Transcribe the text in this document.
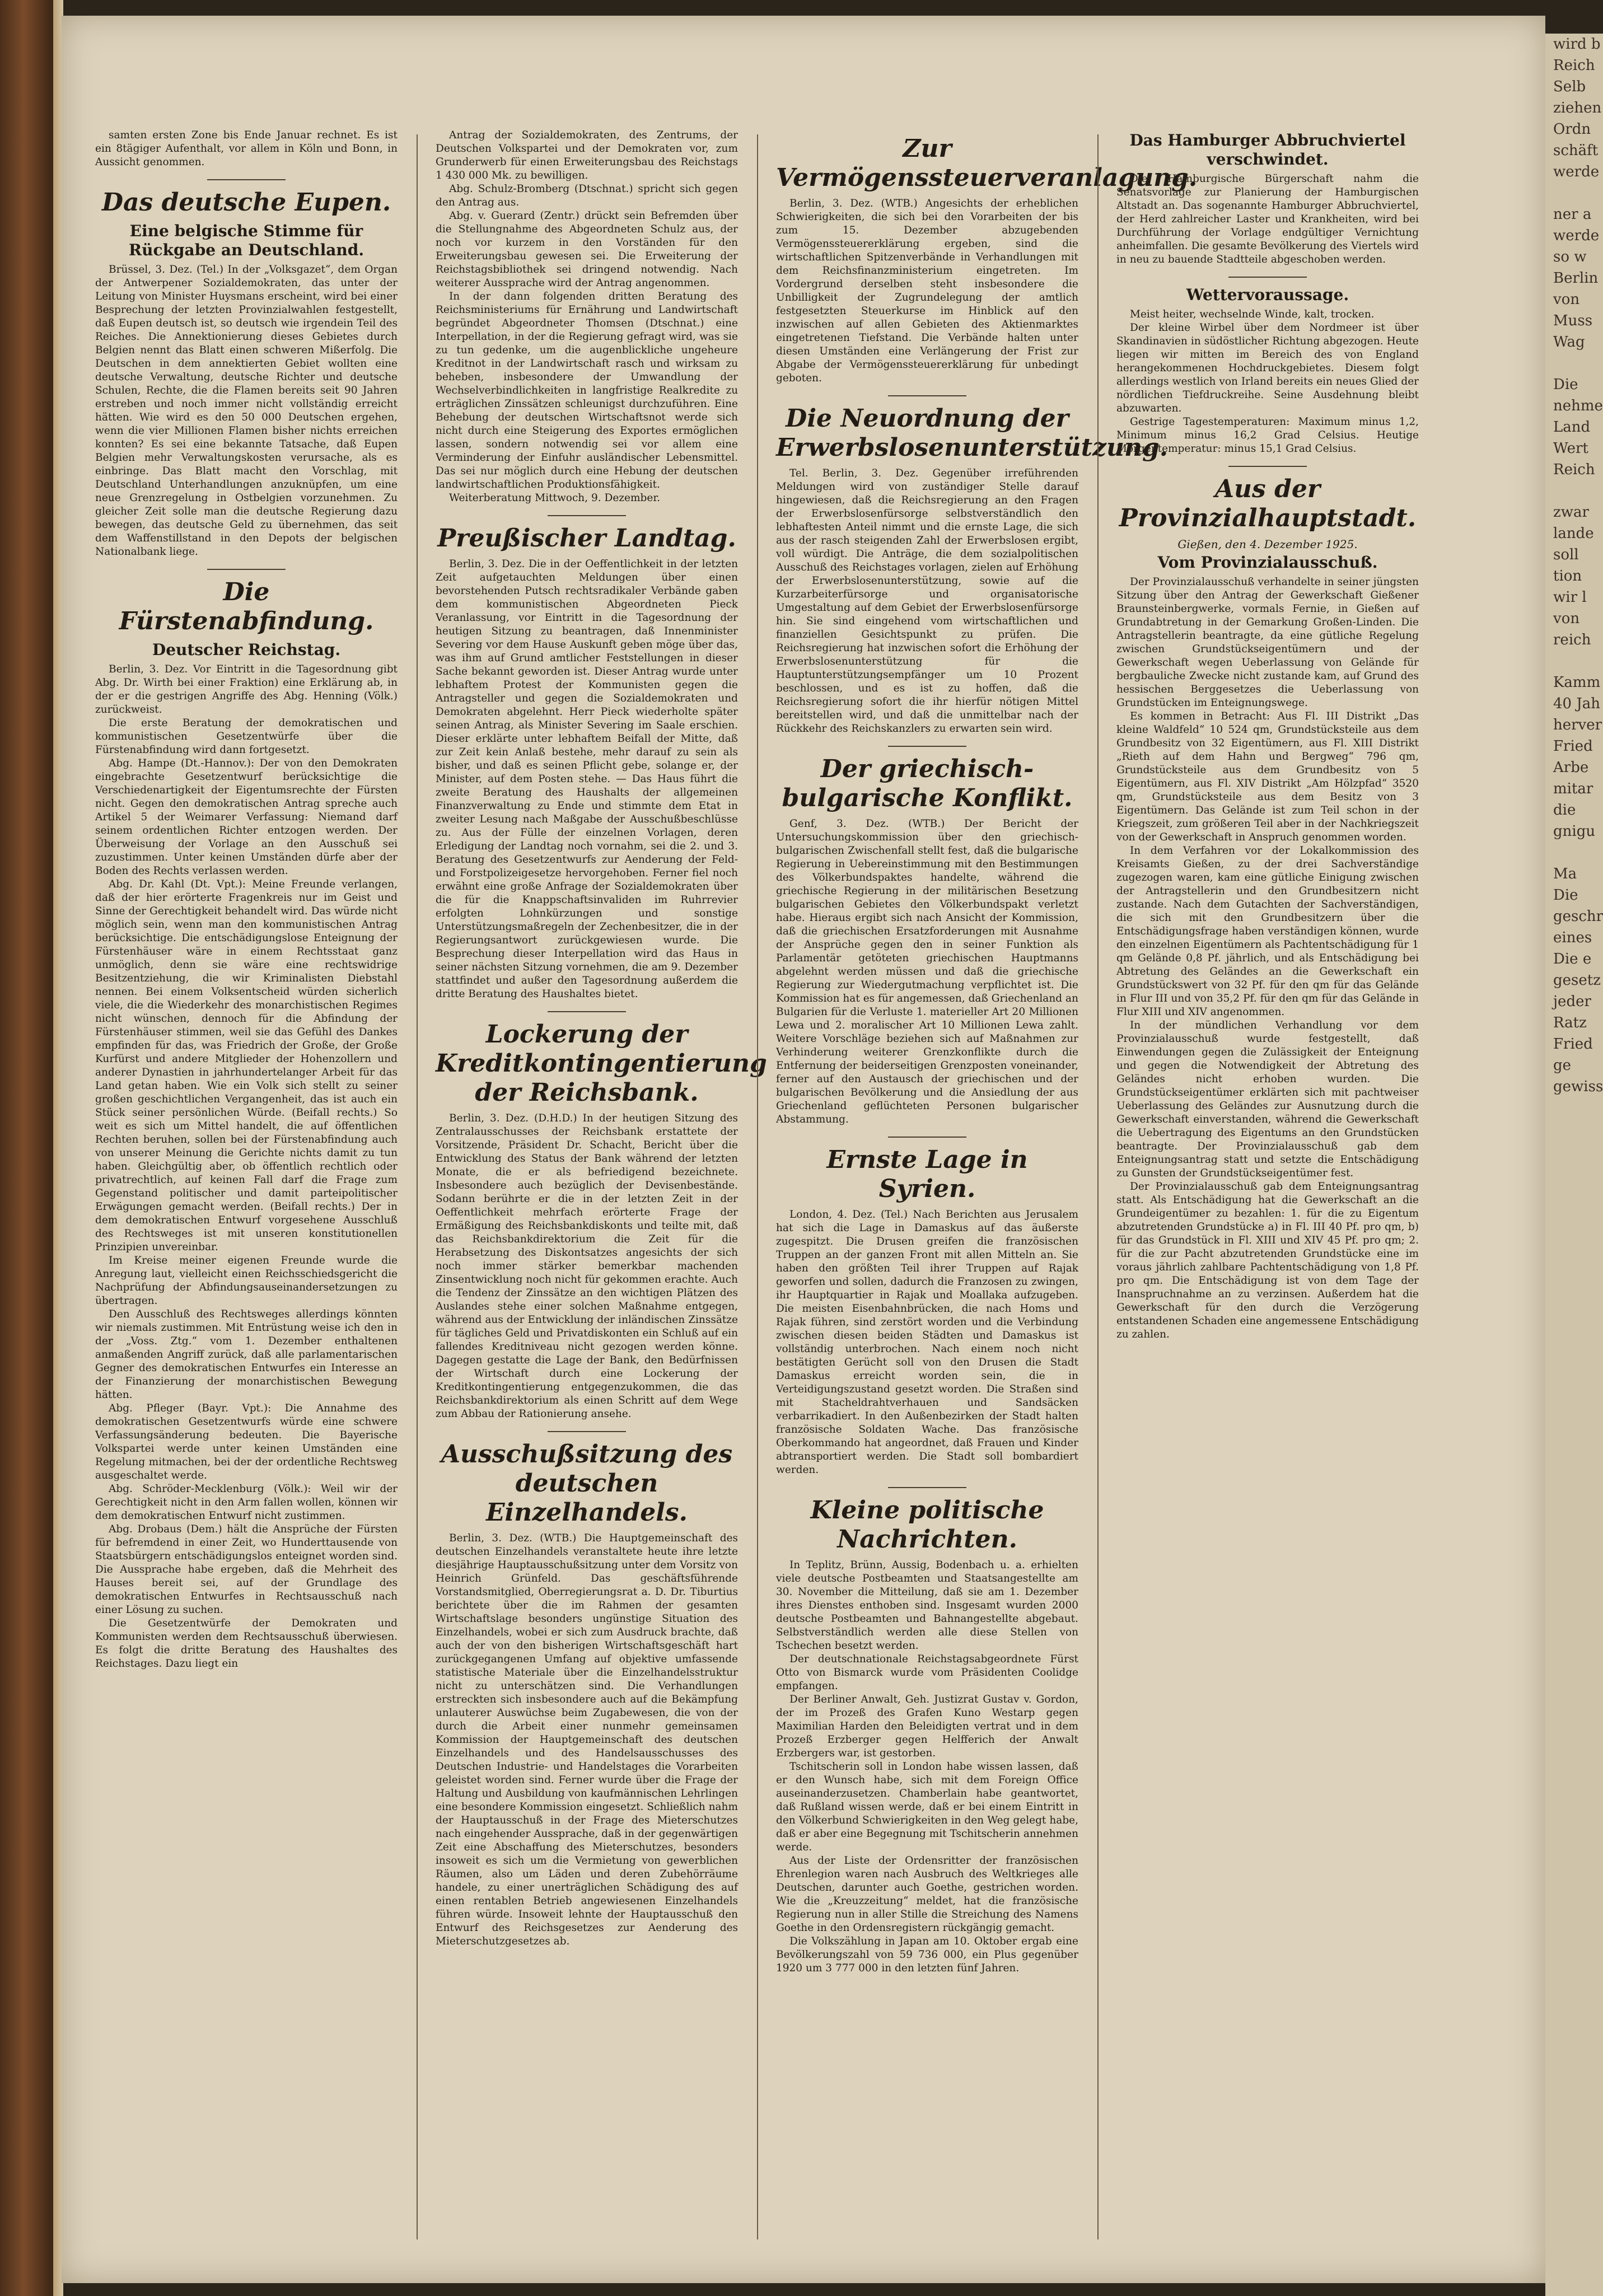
wird b
Reich
Selb
ziehen
Ordn
schäft
werde

ner a
werde
so w
Berlin
von
Muss
Wag

Die
nehme
Land
Wert
Reich

zwar
lande
soll
tion
wir l
von
reich

Kamm
40 Jah
herver
Fried
Arbe
mitar
die
gnigu

Ma
Die
geschr
eines
Die e
gesetz
jeder
Ratz
Fried
ge
gewiss

samten ersten Zone bis Ende Januar rechnet. Es ist ein 8tägiger Aufenthalt, vor allem in Köln und Bonn, in Aussicht genommen.

Das deutsche Eupen.
Eine belgische Stimme für Rückgabe an Deutschland.

Brüssel, 3. Dez. (Tel.) In der „Volksgazet“, dem Organ der Antwerpener Sozialdemokraten, das unter der Leitung von Minister Huysmans erscheint, wird bei einer Besprechung der letzten Provinzialwahlen festgestellt, daß Eupen deutsch ist, so deutsch wie irgendein Teil des Reiches. Die Annektionierung dieses Gebietes durch Belgien nennt das Blatt einen schweren Mißerfolg. Die Deutschen in dem annektierten Gebiet wollten eine deutsche Verwaltung, deutsche Richter und deutsche Schulen, Rechte, die die Flamen bereits seit 90 Jahren erstreben und noch immer nicht vollständig erreicht hätten. Wie wird es den 50 000 Deutschen ergehen, wenn die vier Millionen Flamen bisher nichts erreichen konnten? Es sei eine bekannte Tatsache, daß Eupen Belgien mehr Verwaltungskosten verursache, als es einbringe. Das Blatt macht den Vorschlag, mit Deutschland Unterhandlungen anzuknüpfen, um eine neue Grenzregelung in Ostbelgien vorzunehmen. Zu gleicher Zeit solle man die deutsche Regierung dazu bewegen, das deutsche Geld zu übernehmen, das seit dem Waffenstillstand in den Depots der belgischen Nationalbank liege.

Die Fürstenabfindung.
Deutscher Reichstag.

Berlin, 3. Dez. Vor Eintritt in die Tagesordnung gibt Abg. Dr. Wirth bei einer Fraktion) eine Erklärung ab, in der er die gestrigen Angriffe des Abg. Henning (Völk.) zurückweist.

Die erste Beratung der demokratischen und kommunistischen Gesetzentwürfe über die Fürstenabfindung wird dann fortgesetzt.

Abg. Hampe (Dt.-Hannov.): Der von den Demokraten eingebrachte Gesetzentwurf berücksichtige die Verschiedenartigkeit der Eigentumsrechte der Fürsten nicht. Gegen den demokratischen Antrag spreche auch Artikel 5 der Weimarer Verfassung: Niemand darf seinem ordentlichen Richter entzogen werden. Der Überweisung der Vorlage an den Ausschuß sei zuzustimmen. Unter keinen Umständen dürfe aber der Boden des Rechts verlassen werden.

Abg. Dr. Kahl (Dt. Vpt.): Meine Freunde verlangen, daß der hier erörterte Fragenkreis nur im Geist und Sinne der Gerechtigkeit behandelt wird. Das würde nicht möglich sein, wenn man den kommunistischen Antrag berücksichtige. Die entschädigungslose Enteignung der Fürstenhäuser wäre in einem Rechtsstaat ganz unmöglich, denn sie wäre eine rechtswidrige Besitzentziehung, die wir Kriminalisten Diebstahl nennen. Bei einem Volksentscheid würden sicherlich viele, die die Wiederkehr des monarchistischen Regimes nicht wünschen, dennoch für die Abfindung der Fürstenhäuser stimmen, weil sie das Gefühl des Dankes empfinden für das, was Friedrich der Große, der Große Kurfürst und andere Mitglieder der Hohenzollern und anderer Dynastien in jahrhundertelanger Arbeit für das Land getan haben. Wie ein Volk sich stellt zu seiner großen geschichtlichen Vergangenheit, das ist auch ein Stück seiner persönlichen Würde. (Beifall rechts.) So weit es sich um Mittel handelt, die auf öffentlichen Rechten beruhen, sollen bei der Fürstenabfindung auch von unserer Meinung die Gerichte nichts damit zu tun haben. Gleichgültig aber, ob öffentlich rechtlich oder privatrechtlich, auf keinen Fall darf die Frage zum Gegenstand politischer und damit parteipolitischer Erwägungen gemacht werden. (Beifall rechts.) Der in dem demokratischen Entwurf vorgesehene Ausschluß des Rechtsweges ist mit unseren konstitutionellen Prinzipien unvereinbar.

Im Kreise meiner eigenen Freunde wurde die Anregung laut, vielleicht einen Reichsschiedsgericht die Nachprüfung der Abfindungsauseinandersetzungen zu übertragen.

Den Ausschluß des Rechtsweges allerdings könnten wir niemals zustimmen. Mit Entrüstung weise ich den in der „Voss. Ztg.“ vom 1. Dezember enthaltenen anmaßenden Angriff zurück, daß alle parlamentarischen Gegner des demokratischen Entwurfes ein Interesse an der Finanzierung der monarchistischen Bewegung hätten.

Abg. Pfleger (Bayr. Vpt.): Die Annahme des demokratischen Gesetzentwurfs würde eine schwere Verfassungsänderung bedeuten. Die Bayerische Volkspartei werde unter keinen Umständen eine Regelung mitmachen, bei der der ordentliche Rechtsweg ausgeschaltet werde.

Abg. Schröder-Mecklenburg (Völk.): Weil wir der Gerechtigkeit nicht in den Arm fallen wollen, können wir dem demokratischen Entwurf nicht zustimmen.

Abg. Drobaus (Dem.) hält die Ansprüche der Fürsten für befremdend in einer Zeit, wo Hunderttausende von Staatsbürgern entschädigungslos enteignet worden sind. Die Aussprache habe ergeben, daß die Mehrheit des Hauses bereit sei, auf der Grundlage des demokratischen Entwurfes in Rechtsausschuß nach einer Lösung zu suchen.

Die Gesetzentwürfe der Demokraten und Kommunisten werden dem Rechtsausschuß überwiesen. Es folgt die dritte Beratung des Haushaltes des Reichstages. Dazu liegt ein

Antrag der Sozialdemokraten, des Zentrums, der Deutschen Volkspartei und der Demokraten vor, zum Grunderwerb für einen Erweiterungsbau des Reichstags 1 430 000 Mk. zu bewilligen.

Abg. Schulz-Bromberg (Dtschnat.) spricht sich gegen den Antrag aus.

Abg. v. Guerard (Zentr.) drückt sein Befremden über die Stellungnahme des Abgeordneten Schulz aus, der noch vor kurzem in den Vorständen für den Erweiterungsbau gewesen sei. Die Erweiterung der Reichstagsbibliothek sei dringend notwendig. Nach weiterer Aussprache wird der Antrag angenommen.

In der dann folgenden dritten Beratung des Reichsministeriums für Ernährung und Landwirtschaft begründet Abgeordneter Thomsen (Dtschnat.) eine Interpellation, in der die Regierung gefragt wird, was sie zu tun gedenke, um die augenblickliche ungeheure Kreditnot in der Landwirtschaft rasch und wirksam zu beheben, insbesondere der Umwandlung der Wechselverbindlichkeiten in langfristige Realkredite zu erträglichen Zinssätzen schleunigst durchzuführen. Eine Behebung der deutschen Wirtschaftsnot werde sich nicht durch eine Steigerung des Exportes ermöglichen lassen, sondern notwendig sei vor allem eine Verminderung der Einfuhr ausländischer Lebensmittel. Das sei nur möglich durch eine Hebung der deutschen landwirtschaftlichen Produktionsfähigkeit.

Weiterberatung Mittwoch, 9. Dezember.

Preußischer Landtag.

Berlin, 3. Dez. Die in der Oeffentlichkeit in der letzten Zeit aufgetauchten Meldungen über einen bevorstehenden Putsch rechtsradikaler Verbände gaben dem kommunistischen Abgeordneten Pieck Veranlassung, vor Eintritt in die Tagesordnung der heutigen Sitzung zu beantragen, daß Innenminister Severing vor dem Hause Auskunft geben möge über das, was ihm auf Grund amtlicher Feststellungen in dieser Sache bekannt geworden ist. Dieser Antrag wurde unter lebhaftem Protest der Kommunisten gegen die Antragsteller und gegen die Sozialdemokraten und Demokraten abgelehnt. Herr Pieck wiederholte später seinen Antrag, als Minister Severing im Saale erschien. Dieser erklärte unter lebhaftem Beifall der Mitte, daß zur Zeit kein Anlaß bestehe, mehr darauf zu sein als bisher, und daß es seinen Pflicht gebe, solange er, der Minister, auf dem Posten stehe. — Das Haus führt die zweite Beratung des Haushalts der allgemeinen Finanzverwaltung zu Ende und stimmte dem Etat in zweiter Lesung nach Maßgabe der Ausschußbeschlüsse zu. Aus der Fülle der einzelnen Vorlagen, deren Erledigung der Landtag noch vornahm, sei die 2. und 3. Beratung des Gesetzentwurfs zur Aenderung der Feld- und Forstpolizeigesetze hervorgehoben. Ferner fiel noch erwähnt eine große Anfrage der Sozialdemokraten über die für die Knappschaftsinvaliden im Ruhrrevier erfolgten Lohnkürzungen und sonstige Unterstützungsmaßregeln der Zechenbesitzer, die in der Regierungsantwort zurückgewiesen wurde. Die Besprechung dieser Interpellation wird das Haus in seiner nächsten Sitzung vornehmen, die am 9. Dezember stattfindet und außer den Tagesordnung außerdem die dritte Beratung des Haushaltes bietet.

Lockerung der Kreditkontingentierung der Reichsbank.

Berlin, 3. Dez. (D.H.D.) In der heutigen Sitzung des Zentralausschusses der Reichsbank erstattete der Vorsitzende, Präsident Dr. Schacht, Bericht über die Entwicklung des Status der Bank während der letzten Monate, die er als befriedigend bezeichnete. Insbesondere auch bezüglich der Devisenbestände. Sodann berührte er die in der letzten Zeit in der Oeffentlichkeit mehrfach erörterte Frage der Ermäßigung des Reichsbankdiskonts und teilte mit, daß das Reichsbankdirektorium die Zeit für die Herabsetzung des Diskontsatzes angesichts der sich noch immer stärker bemerkbar machenden Zinsentwicklung noch nicht für gekommen erachte. Auch die Tendenz der Zinssätze an den wichtigen Plätzen des Auslandes stehe einer solchen Maßnahme entgegen, während aus der Entwicklung der inländischen Zinssätze für tägliches Geld und Privatdiskonten ein Schluß auf ein fallendes Kreditniveau nicht gezogen werden könne. Dagegen gestatte die Lage der Bank, den Bedürfnissen der Wirtschaft durch eine Lockerung der Kreditkontingentierung entgegenzukommen, die das Reichsbankdirektorium als einen Schritt auf dem Wege zum Abbau der Rationierung ansehe.

Ausschußsitzung des deutschen Einzelhandels.

Berlin, 3. Dez. (WTB.) Die Hauptgemeinschaft des deutschen Einzelhandels veranstaltete heute ihre letzte diesjährige Hauptausschußsitzung unter dem Vorsitz von Heinrich Grünfeld. Das geschäftsführende Vorstandsmitglied, Oberregierungsrat a. D. Dr. Tiburtius berichtete über die im Rahmen der gesamten Wirtschaftslage besonders ungünstige Situation des Einzelhandels, wobei er sich zum Ausdruck brachte, daß auch der von den bisherigen Wirtschaftsgeschäft hart zurückgegangenen Umfang auf objektive umfassende statistische Materiale über die Einzelhandelsstruktur nicht zu unterschätzen sind. Die Verhandlungen erstreckten sich insbesondere auch auf die Bekämpfung unlauterer Auswüchse beim Zugabewesen, die von der durch die Arbeit einer nunmehr gemeinsamen Kommission der Hauptgemeinschaft des deutschen Einzelhandels und des Handelsausschusses des Deutschen Industrie- und Handelstages die Vorarbeiten geleistet worden sind. Ferner wurde über die Frage der Haltung und Ausbildung von kaufmännischen Lehrlingen eine besondere Kommission eingesetzt. Schließlich nahm der Hauptausschuß in der Frage des Mieterschutzes nach eingehender Aussprache, daß in der gegenwärtigen Zeit eine Abschaffung des Mieterschutzes, besonders insoweit es sich um die Vermietung von gewerblichen Räumen, also um Läden und deren Zubehörräume handele, zu einer unerträglichen Schädigung des auf einen rentablen Betrieb angewiesenen Einzelhandels führen würde. Insoweit lehnte der Hauptausschuß den Entwurf des Reichsgesetzes zur Aenderung des Mieterschutzgesetzes ab.

Zur Vermögenssteuerveranlagung.

Berlin, 3. Dez. (WTB.) Angesichts der erheblichen Schwierigkeiten, die sich bei den Vorarbeiten der bis zum 15. Dezember abzugebenden Vermögenssteuererklärung ergeben, sind die wirtschaftlichen Spitzenverbände in Verhandlungen mit dem Reichsfinanzministerium eingetreten. Im Vordergrund derselben steht insbesondere die Unbilligkeit der Zugrundelegung der amtlich festgesetzten Steuerkurse im Hinblick auf den inzwischen auf allen Gebieten des Aktienmarktes eingetretenen Tiefstand. Die Verbände halten unter diesen Umständen eine Verlängerung der Frist zur Abgabe der Vermögenssteuererklärung für unbedingt geboten.

Die Neuordnung der Erwerbslosenunterstützung.

Tel. Berlin, 3. Dez. Gegenüber irreführenden Meldungen wird von zuständiger Stelle darauf hingewiesen, daß die Reichsregierung an den Fragen der Erwerbslosenfürsorge selbstverständlich den lebhaftesten Anteil nimmt und die ernste Lage, die sich aus der rasch steigenden Zahl der Erwerbslosen ergibt, voll würdigt. Die Anträge, die dem sozialpolitischen Ausschuß des Reichstages vorlagen, zielen auf Erhöhung der Erwerbslosenunterstützung, sowie auf die Kurzarbeiterfürsorge und organisatorische Umgestaltung auf dem Gebiet der Erwerbslosenfürsorge hin. Sie sind eingehend vom wirtschaftlichen und finanziellen Gesichtspunkt zu prüfen. Die Reichsregierung hat inzwischen sofort die Erhöhung der Erwerbslosenunterstützung für die Hauptunterstützungsempfänger um 10 Prozent beschlossen, und es ist zu hoffen, daß die Reichsregierung sofort die ihr hierfür nötigen Mittel bereitstellen wird, und daß die unmittelbar nach der Rückkehr des Reichskanzlers zu erwarten sein wird.

Der griechisch-bulgarische Konflikt.

Genf, 3. Dez. (WTB.) Der Bericht der Untersuchungskommission über den griechisch-bulgarischen Zwischenfall stellt fest, daß die bulgarische Regierung in Uebereinstimmung mit den Bestimmungen des Völkerbundspaktes handelte, während die griechische Regierung in der militärischen Besetzung bulgarischen Gebietes den Völkerbundspakt verletzt habe. Hieraus ergibt sich nach Ansicht der Kommission, daß die griechischen Ersatzforderungen mit Ausnahme der Ansprüche gegen den in seiner Funktion als Parlamentär getöteten griechischen Hauptmanns abgelehnt werden müssen und daß die griechische Regierung zur Wiedergutmachung verpflichtet ist. Die Kommission hat es für angemessen, daß Griechenland an Bulgarien für die Verluste 1. materieller Art 20 Millionen Lewa und 2. moralischer Art 10 Millionen Lewa zahlt. Weitere Vorschläge beziehen sich auf Maßnahmen zur Verhinderung weiterer Grenzkonflikte durch die Entfernung der beiderseitigen Grenzposten voneinander, ferner auf den Austausch der griechischen und der bulgarischen Bevölkerung und die Ansiedlung der aus Griechenland geflüchteten Personen bulgarischer Abstammung.

Ernste Lage in Syrien.

London, 4. Dez. (Tel.) Nach Berichten aus Jerusalem hat sich die Lage in Damaskus auf das äußerste zugespitzt. Die Drusen greifen die französischen Truppen an der ganzen Front mit allen Mitteln an. Sie haben den größten Teil ihrer Truppen auf Rajak geworfen und sollen, dadurch die Franzosen zu zwingen, ihr Hauptquartier in Rajak und Moallaka aufzugeben. Die meisten Eisenbahnbrücken, die nach Homs und Rajak führen, sind zerstört worden und die Verbindung zwischen diesen beiden Städten und Damaskus ist vollständig unterbrochen. Nach einem noch nicht bestätigten Gerücht soll von den Drusen die Stadt Damaskus erreicht worden sein, die in Verteidigungszustand gesetzt worden. Die Straßen sind mit Stacheldrahtverhauen und Sandsäcken verbarrikadiert. In den Außenbezirken der Stadt halten französische Soldaten Wache. Das französische Oberkommando hat angeordnet, daß Frauen und Kinder abtransportiert werden. Die Stadt soll bombardiert werden.

Kleine politische Nachrichten.

In Teplitz, Brünn, Aussig, Bodenbach u. a. erhielten viele deutsche Postbeamten und Staatsangestellte am 30. November die Mitteilung, daß sie am 1. Dezember ihres Dienstes enthoben sind. Insgesamt wurden 2000 deutsche Postbeamten und Bahnangestellte abgebaut. Selbstverständlich werden alle diese Stellen von Tschechen besetzt werden.

Der deutschnationale Reichstagsabgeordnete Fürst Otto von Bismarck wurde vom Präsidenten Coolidge empfangen.

Der Berliner Anwalt, Geh. Justizrat Gustav v. Gordon, der im Prozeß des Grafen Kuno Westarp gegen Maximilian Harden den Beleidigten vertrat und in dem Prozeß Erzberger gegen Helfferich der Anwalt Erzbergers war, ist gestorben.

Tschitscherin soll in London habe wissen lassen, daß er den Wunsch habe, sich mit dem Foreign Office auseinanderzusetzen. Chamberlain habe geantwortet, daß Rußland wissen werde, daß er bei einem Eintritt in den Völkerbund Schwierigkeiten in den Weg gelegt habe, daß er aber eine Begegnung mit Tschitscherin annehmen werde.

Aus der Liste der Ordensritter der französischen Ehrenlegion waren nach Ausbruch des Weltkrieges alle Deutschen, darunter auch Goethe, gestrichen worden. Wie die „Kreuzzeitung“ meldet, hat die französische Regierung nun in aller Stille die Streichung des Namens Goethe in den Ordensregistern rückgängig gemacht.

Die Volkszählung in Japan am 10. Oktober ergab eine Bevölkerungszahl von 59 736 000, ein Plus gegenüber 1920 um 3 777 000 in den letzten fünf Jahren.

Das Hamburger Abbruchviertel verschwindet.

Die Hamburgische Bürgerschaft nahm die Senatsvorlage zur Planierung der Hamburgischen Altstadt an. Das sogenannte Hamburger Abbruchviertel, der Herd zahlreicher Laster und Krankheiten, wird bei Durchführung der Vorlage endgültiger Vernichtung anheimfallen. Die gesamte Bevölkerung des Viertels wird in neu zu bauende Stadtteile abgeschoben werden.

Wettervoraussage.

Meist heiter, wechselnde Winde, kalt, trocken.

Der kleine Wirbel über dem Nordmeer ist über Skandinavien in südöstlicher Richtung abgezogen. Heute liegen wir mitten im Bereich des von England herangekommenen Hochdruckgebietes. Diesem folgt allerdings westlich von Irland bereits ein neues Glied der nördlichen Tiefdruckreihe. Seine Ausdehnung bleibt abzuwarten.

Gestrige Tagestemperaturen: Maximum minus 1,2, Minimum minus 16,2 Grad Celsius. Heutige Morgentemperatur: minus 15,1 Grad Celsius.

Aus der Provinzialhauptstadt.
Gießen, den 4. Dezember 1925.
Vom Provinzialausschuß.

Der Provinzialausschuß verhandelte in seiner jüngsten Sitzung über den Antrag der Gewerkschaft Gießener Braunsteinbergwerke, vormals Fernie, in Gießen auf Grundabtretung in der Gemarkung Großen-Linden. Die Antragstellerin beantragte, da eine gütliche Regelung zwischen Grundstückseigentümern und der Gewerkschaft wegen Ueberlassung von Gelände für bergbauliche Zwecke nicht zustande kam, auf Grund des hessischen Berggesetzes die Ueberlassung von Grundstücken im Enteignungswege.

Es kommen in Betracht: Aus Fl. III Distrikt „Das kleine Waldfeld“ 10 524 qm, Grundstücksteile aus dem Grundbesitz von 32 Eigentümern, aus Fl. XIII Distrikt „Rieth auf dem Hahn und Bergweg“ 796 qm, Grundstücksteile aus dem Grundbesitz von 5 Eigentümern, aus Fl. XIV Distrikt „Am Hölzpfad“ 3520 qm, Grundstücksteile aus dem Besitz von 3 Eigentümern. Das Gelände ist zum Teil schon in der Kriegszeit, zum größeren Teil aber in der Nachkriegszeit von der Gewerkschaft in Anspruch genommen worden.

In dem Verfahren vor der Lokalkommission des Kreisamts Gießen, zu der drei Sachverständige zugezogen waren, kam eine gütliche Einigung zwischen der Antragstellerin und den Grundbesitzern nicht zustande. Nach dem Gutachten der Sachverständigen, die sich mit den Grundbesitzern über die Entschädigungsfrage haben verständigen können, wurde den einzelnen Eigentümern als Pachtentschädigung für 1 qm Gelände 0,8 Pf. jährlich, und als Entschädigung bei Abtretung des Geländes an die Gewerkschaft ein Grundstückswert von 32 Pf. für den qm für das Gelände in Flur III und von 35,2 Pf. für den qm für das Gelände in Flur XIII und XIV angenommen.

In der mündlichen Verhandlung vor dem Provinzialausschuß wurde festgestellt, daß Einwendungen gegen die Zulässigkeit der Enteignung und gegen die Notwendigkeit der Abtretung des Geländes nicht erhoben wurden. Die Grundstückseigentümer erklärten sich mit pachtweiser Ueberlassung des Geländes zur Ausnutzung durch die Gewerkschaft einverstanden, während die Gewerkschaft die Uebertragung des Eigentums an den Grundstücken beantragte. Der Provinzialausschuß gab dem Enteignungsantrag statt und setzte die Entschädigung zu Gunsten der Grundstückseigentümer fest.

Der Provinzialausschuß gab dem Enteignungsantrag statt. Als Entschädigung hat die Gewerkschaft an die Grundeigentümer zu bezahlen: 1. für die zu Eigentum abzutretenden Grundstücke a) in Fl. III 40 Pf. pro qm, b) für das Grundstück in Fl. XIII und XIV 45 Pf. pro qm; 2. für die zur Pacht abzutretenden Grundstücke eine im voraus jährlich zahlbare Pachtentschädigung von 1,8 Pf. pro qm. Die Entschädigung ist von dem Tage der Inanspruchnahme an zu verzinsen. Außerdem hat die Gewerkschaft für den durch die Verzögerung entstandenen Schaden eine angemessene Entschädigung zu zahlen.
